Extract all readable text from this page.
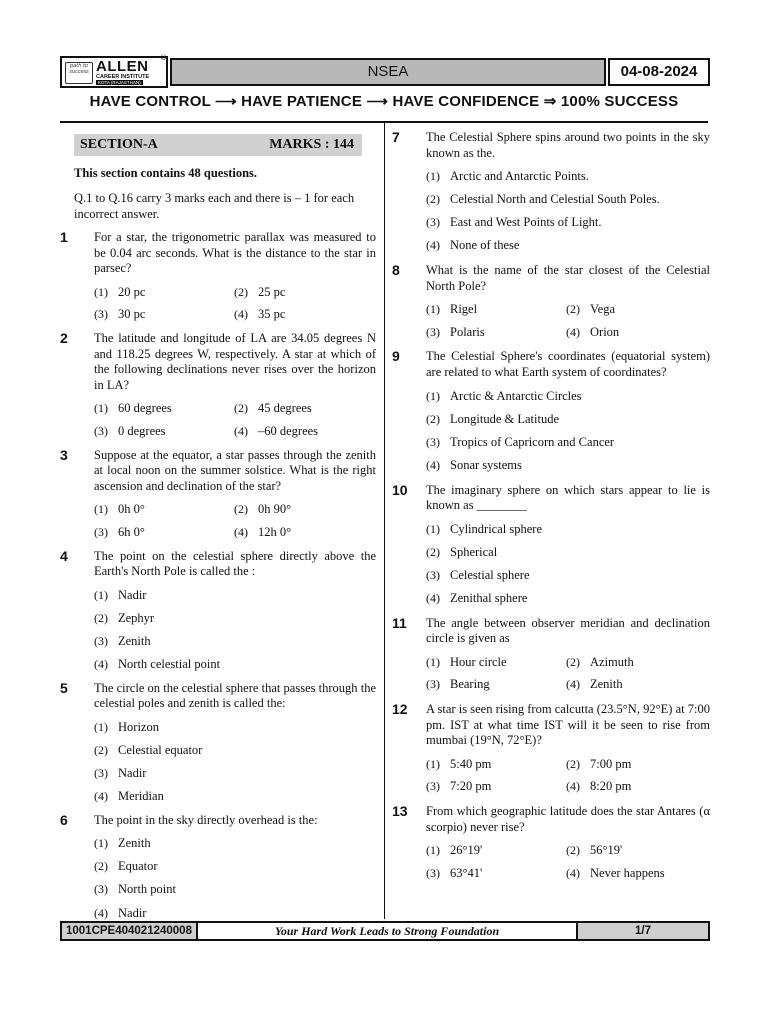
path to success ALLEN
CAREER INSTITUTE
KOTA (RAJASTHAN)
®
NSEA	04-08-2024
HAVE CONTROL ⟶ HAVE PATIENCE ⟶ HAVE CONFIDENCE ⇒ 100% SUCCESS
SECTION-A	MARKS : 144
This section contains 48 questions.
Q.1 to Q.16 carry 3 marks each and there is – 1 for each incorrect answer.
1 For a star, the trigonometric parallax was measured to be 0.04 arc seconds. What is the distance to the star in parsec?
(1) 20 pc	(2) 25 pc
(3) 30 pc	(4) 35 pc
2 The latitude and longitude of LA are 34.05 degrees N and 118.25 degrees W, respectively. A star at which of the following declinations never rises over the horizon in LA?
(1) 60 degrees	(2) 45 degrees
(3) 0 degrees	(4) –60 degrees
3 Suppose at the equator, a star passes through the zenith at local noon on the summer solstice. What is the right ascension and declination of the star?
(1) 0h 0°	(2) 0h 90°
(3) 6h 0°	(4) 12h 0°
4 The point on the celestial sphere directly above the Earth's North Pole is called the :
(1) Nadir
(2) Zephyr
(3) Zenith
(4) North celestial point
5 The circle on the celestial sphere that passes through the celestial poles and zenith is called the:
(1) Horizon
(2) Celestial equator
(3) Nadir
(4) Meridian
6 The point in the sky directly overhead is the:
(1) Zenith
(2) Equator
(3) North point
(4) Nadir
7 The Celestial Sphere spins around two points in the sky known as the.
(1) Arctic and Antarctic Points.
(2) Celestial North and Celestial South Poles.
(3) East and West Points of Light.
(4) None of these
8 What is the name of the star closest of the Celestial North Pole?
(1) Rigel	(2) Vega
(3) Polaris	(4) Orion
9 The Celestial Sphere's coordinates (equatorial system) are related to what Earth system of coordinates?
(1) Arctic & Antarctic Circles
(2) Longitude & Latitude
(3) Tropics of Capricorn and Cancer
(4) Sonar systems
10 The imaginary sphere on which stars appear to lie is known as ________
(1) Cylindrical sphere
(2) Spherical
(3) Celestial sphere
(4) Zenithal sphere
11 The angle between observer meridian and declination circle is given as
(1) Hour circle	(2) Azimuth
(3) Bearing	(4) Zenith
12 A star is seen rising from calcutta (23.5°N, 92°E) at 7:00 pm. IST at what time IST will it be seen to rise from mumbai (19°N, 72°E)?
(1) 5:40 pm	(2) 7:00 pm
(3) 7:20 pm	(4) 8:20 pm
13 From which geographic latitude does the star Antares (α scorpio) never rise?
(1) 26°19'	(2) 56°19'
(3) 63°41'	(4) Never happens
1001CPE404021240008	Your Hard Work Leads to Strong Foundation	1/7
